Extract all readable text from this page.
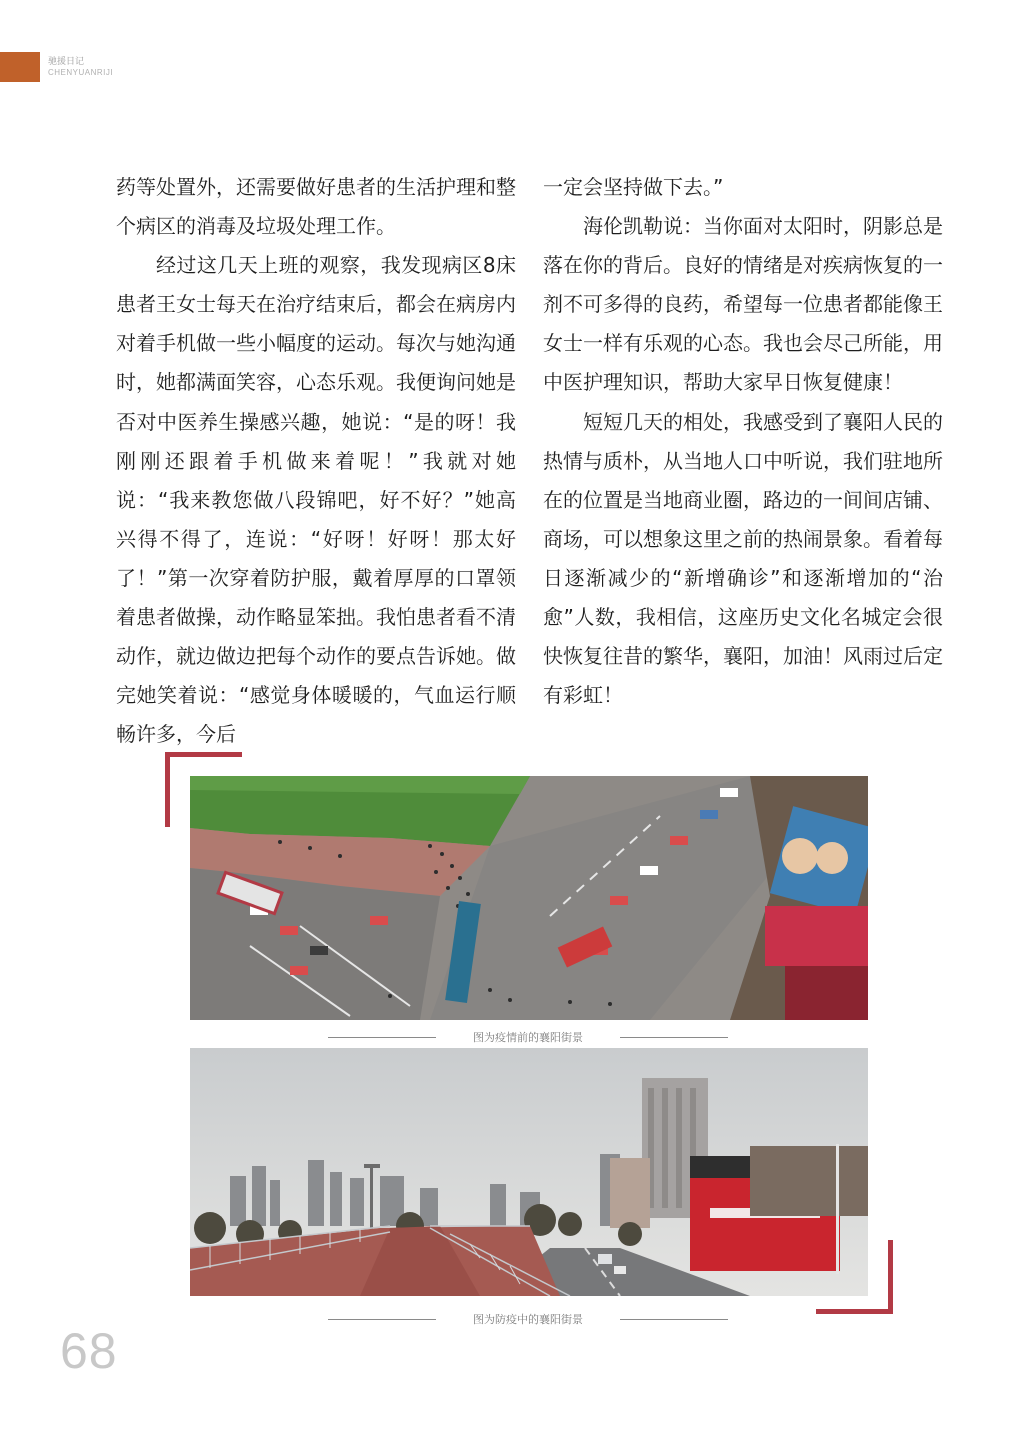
驰援日记
CHENYUANRIJI

药等处置外，还需要做好患者的生活护理和整个病区的消毒及垃圾处理工作。

经过这几天上班的观察，我发现病区8床患者王女士每天在治疗结束后，都会在病房内对着手机做一些小幅度的运动。每次与她沟通时，她都满面笑容，心态乐观。我便询问她是否对中医养生操感兴趣，她说：“是的呀！我刚刚还跟着手机做来着呢！”我就对她说：“我来教您做八段锦吧，好不好？”她高兴得不得了，连说：“好呀！好呀！那太好了！”第一次穿着防护服，戴着厚厚的口罩领着患者做操，动作略显笨拙。我怕患者看不清动作，就边做边把每个动作的要点告诉她。做完她笑着说：“感觉身体暖暖的，气血运行顺畅许多，今后

一定会坚持做下去。”

海伦凯勒说：当你面对太阳时，阴影总是落在你的背后。良好的情绪是对疾病恢复的一剂不可多得的良药，希望每一位患者都能像王女士一样有乐观的心态。我也会尽己所能，用中医护理知识，帮助大家早日恢复健康！

短短几天的相处，我感受到了襄阳人民的热情与质朴，从当地人口中听说，我们驻地所在的位置是当地商业圈，路边的一间间店铺、商场，可以想象这里之前的热闹景象。看着每日逐渐减少的“新增确诊”和逐渐增加的“治愈”人数，我相信，这座历史文化名城定会很快恢复往昔的繁华，襄阳，加油！风雨过后定有彩虹！

图为疫情前的襄阳街景
图为防疫中的襄阳街景
68
